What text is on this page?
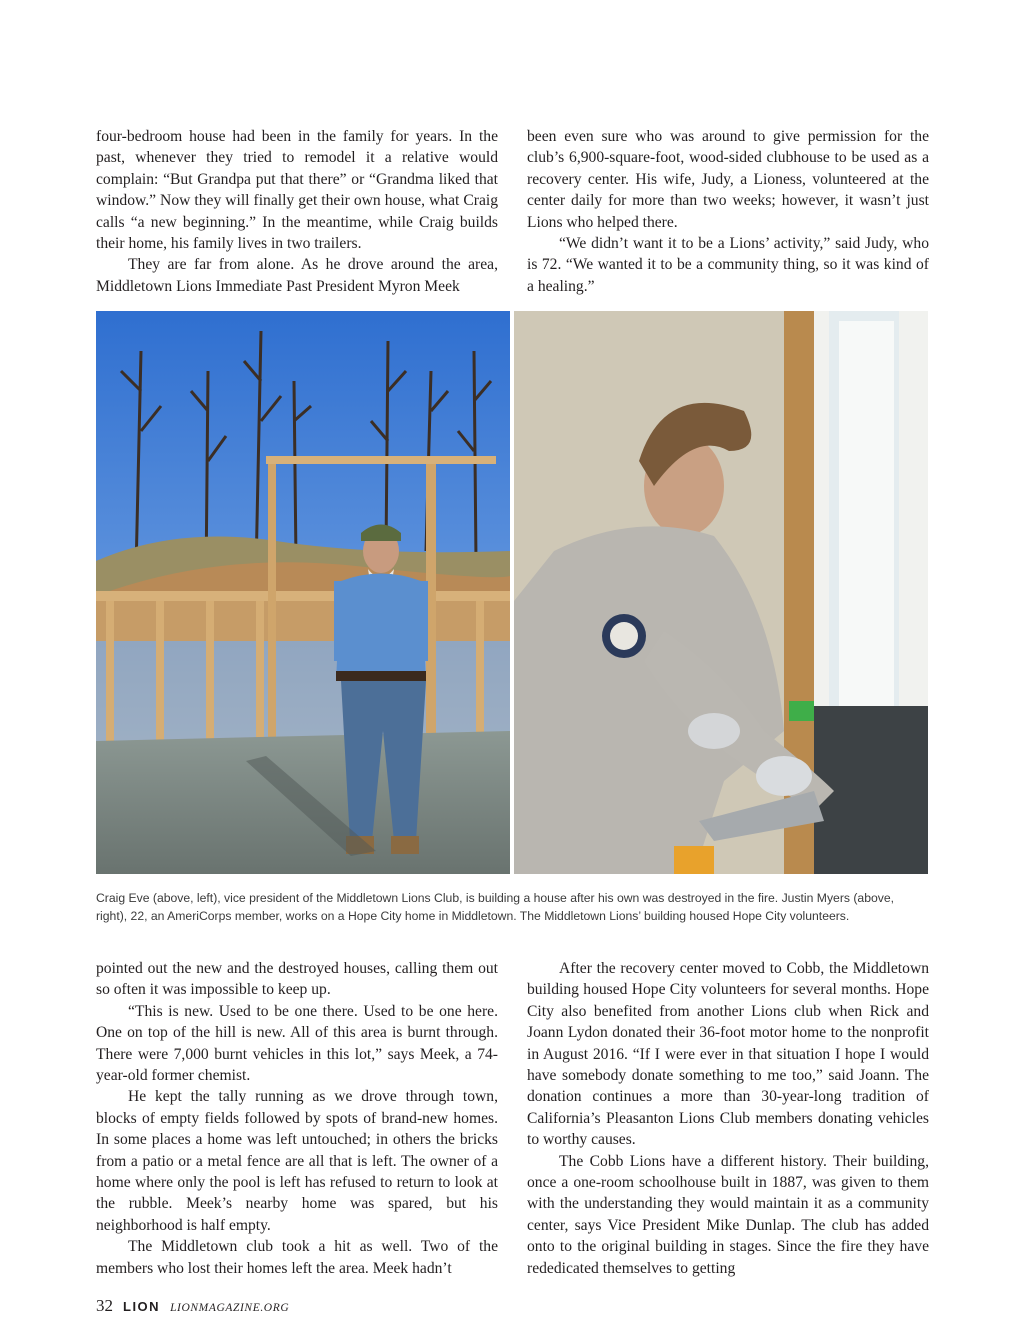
four-bedroom house had been in the family for years. In the past, whenever they tried to remodel it a relative would complain: “But Grandpa put that there” or “Grandma liked that window.” Now they will finally get their own house, what Craig calls “a new beginning.” In the meantime, while Craig builds their home, his family lives in two trailers.

They are far from alone. As he drove around the area, Middletown Lions Immediate Past President Myron Meek

been even sure who was around to give permission for the club’s 6,900-square-foot, wood-sided clubhouse to be used as a recovery center. His wife, Judy, a Lioness, volunteered at the center daily for more than two weeks; however, it wasn’t just Lions who helped there.

“We didn’t want it to be a Lions’ activity,” said Judy, who is 72. “We wanted it to be a community thing, so it was kind of a healing.”

Craig Eve (above, left), vice president of the Middletown Lions Club, is building a house after his own was destroyed in the fire. Justin Myers (above, right), 22, an AmeriCorps member, works on a Hope City home in Middletown. The Middletown Lions’ building housed Hope City volunteers.

pointed out the new and the destroyed houses, calling them out so often it was impossible to keep up.

“This is new. Used to be one there. Used to be one here. One on top of the hill is new. All of this area is burnt through. There were 7,000 burnt vehicles in this lot,” says Meek, a 74-year-old former chemist.

He kept the tally running as we drove through town, blocks of empty fields followed by spots of brand-new homes. In some places a home was left untouched; in others the bricks from a patio or a metal fence are all that is left. The owner of a home where only the pool is left has refused to return to look at the rubble. Meek’s nearby home was spared, but his neighborhood is half empty.

The Middletown club took a hit as well. Two of the members who lost their homes left the area. Meek hadn’t

After the recovery center moved to Cobb, the Middletown building housed Hope City volunteers for several months. Hope City also benefited from another Lions club when Rick and Joann Lydon donated their 36-foot motor home to the nonprofit in August 2016. “If I were ever in that situation I hope I would have somebody donate something to me too,” said Joann. The donation continues a more than 30-year-long tradition of California’s Pleasanton Lions Club members donating vehicles to worthy causes.

The Cobb Lions have a different history. Their building, once a one-room schoolhouse built in 1887, was given to them with the understanding they would maintain it as a community center, says Vice President Mike Dunlap. The club has added onto to the original building in stages. Since the fire they have rededicated themselves to getting

32 LION LIONMAGAZINE.ORG
